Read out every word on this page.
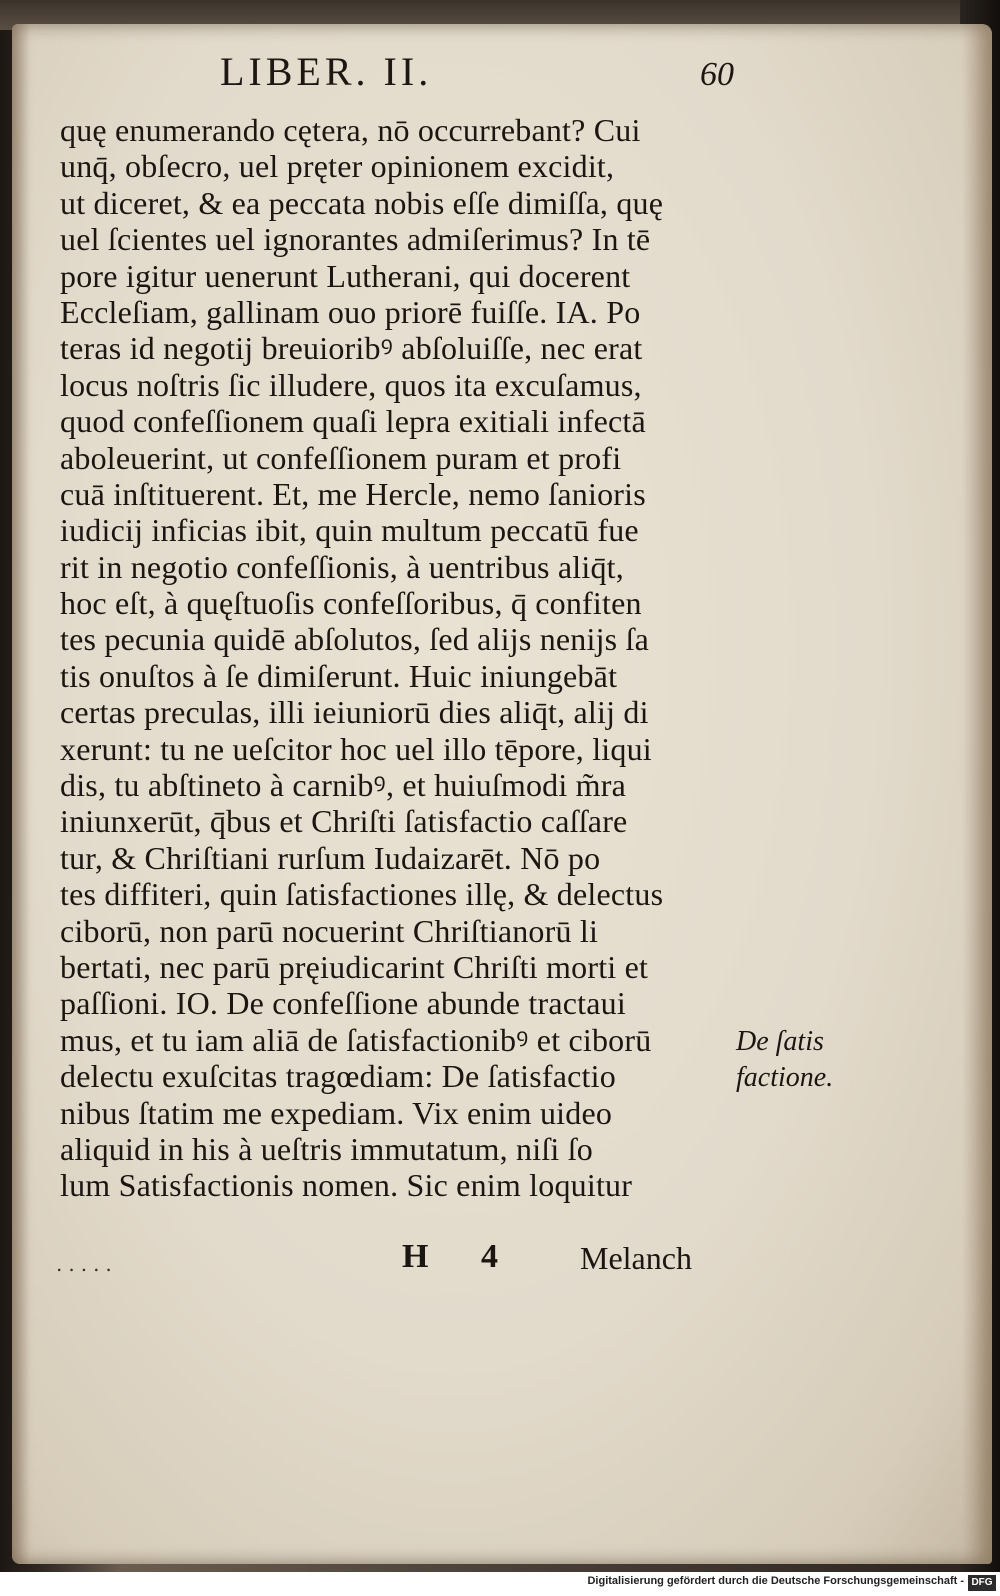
LIBER. II.	60
quę enumerando cętera, nō occurrebant? Cui
unq̄, obſecro, uel pręter opinionem excidit,
ut diceret, & ea peccata nobis eſſe dimiſſa, quę
uel ſcientes uel ignorantes admiſerimus? In tē
pore igitur uenerunt Lutherani, qui docerent
Eccleſiam, gallinam ouo priorē fuiſſe. IA. Po
teras id negotij breuioribꝰ abſoluiſſe, nec erat
locus noſtris ſic illudere, quos ita excuſamus,
quod confeſſionem quaſi lepra exitiali infectā
aboleuerint, ut confeſſionem puram et profi
cuā inſtituerent. Et, me Hercle, nemo ſanioris
iudicij inficias ibit, quin multum peccatū fue
rit in negotio confeſſionis, à uentribus aliq̄t,
hoc eſt, à quęſtuoſis confeſſoribus, q̄ confiten
tes pecunia quidē abſolutos, ſed alijs nenijs ſa
tis onuſtos à ſe dimiſerunt. Huic iniungebāt
certas preculas, illi ieiuniorū dies aliq̄t, alij di
xerunt: tu ne ueſcitor hoc uel illo tēpore, liqui
dis, tu abſtineto à carnibꝰ, et huiuſmodi m̃ra
iniunxerūt, q̄bus et Chriſti ſatisfactio caſſare
tur, & Chriſtiani rurſum Iudaizarēt. Nō po
tes diffiteri, quin ſatisfactiones illę, & delectus
ciborū, non parū nocuerint Chriſtianorū li
bertati, nec parū pręiudicarint Chriſti morti et
paſſioni. IO. De confeſſione abunde tractaui
mus, et tu iam aliā de ſatisfactionibꝰ et ciborū
delectu exuſcitas tragœdiam: De ſatisfactio
nibus ſtatim me expediam. Vix enim uideo
aliquid in his à ueſtris immutatum, niſi ſo
lum Satisfactionis nomen. Sic enim loquitur
De ſatis
factione.
.....	H 4 Melanch
Digitalisierung gefördert durch die Deutsche Forschungsgemeinschaft - DFG
